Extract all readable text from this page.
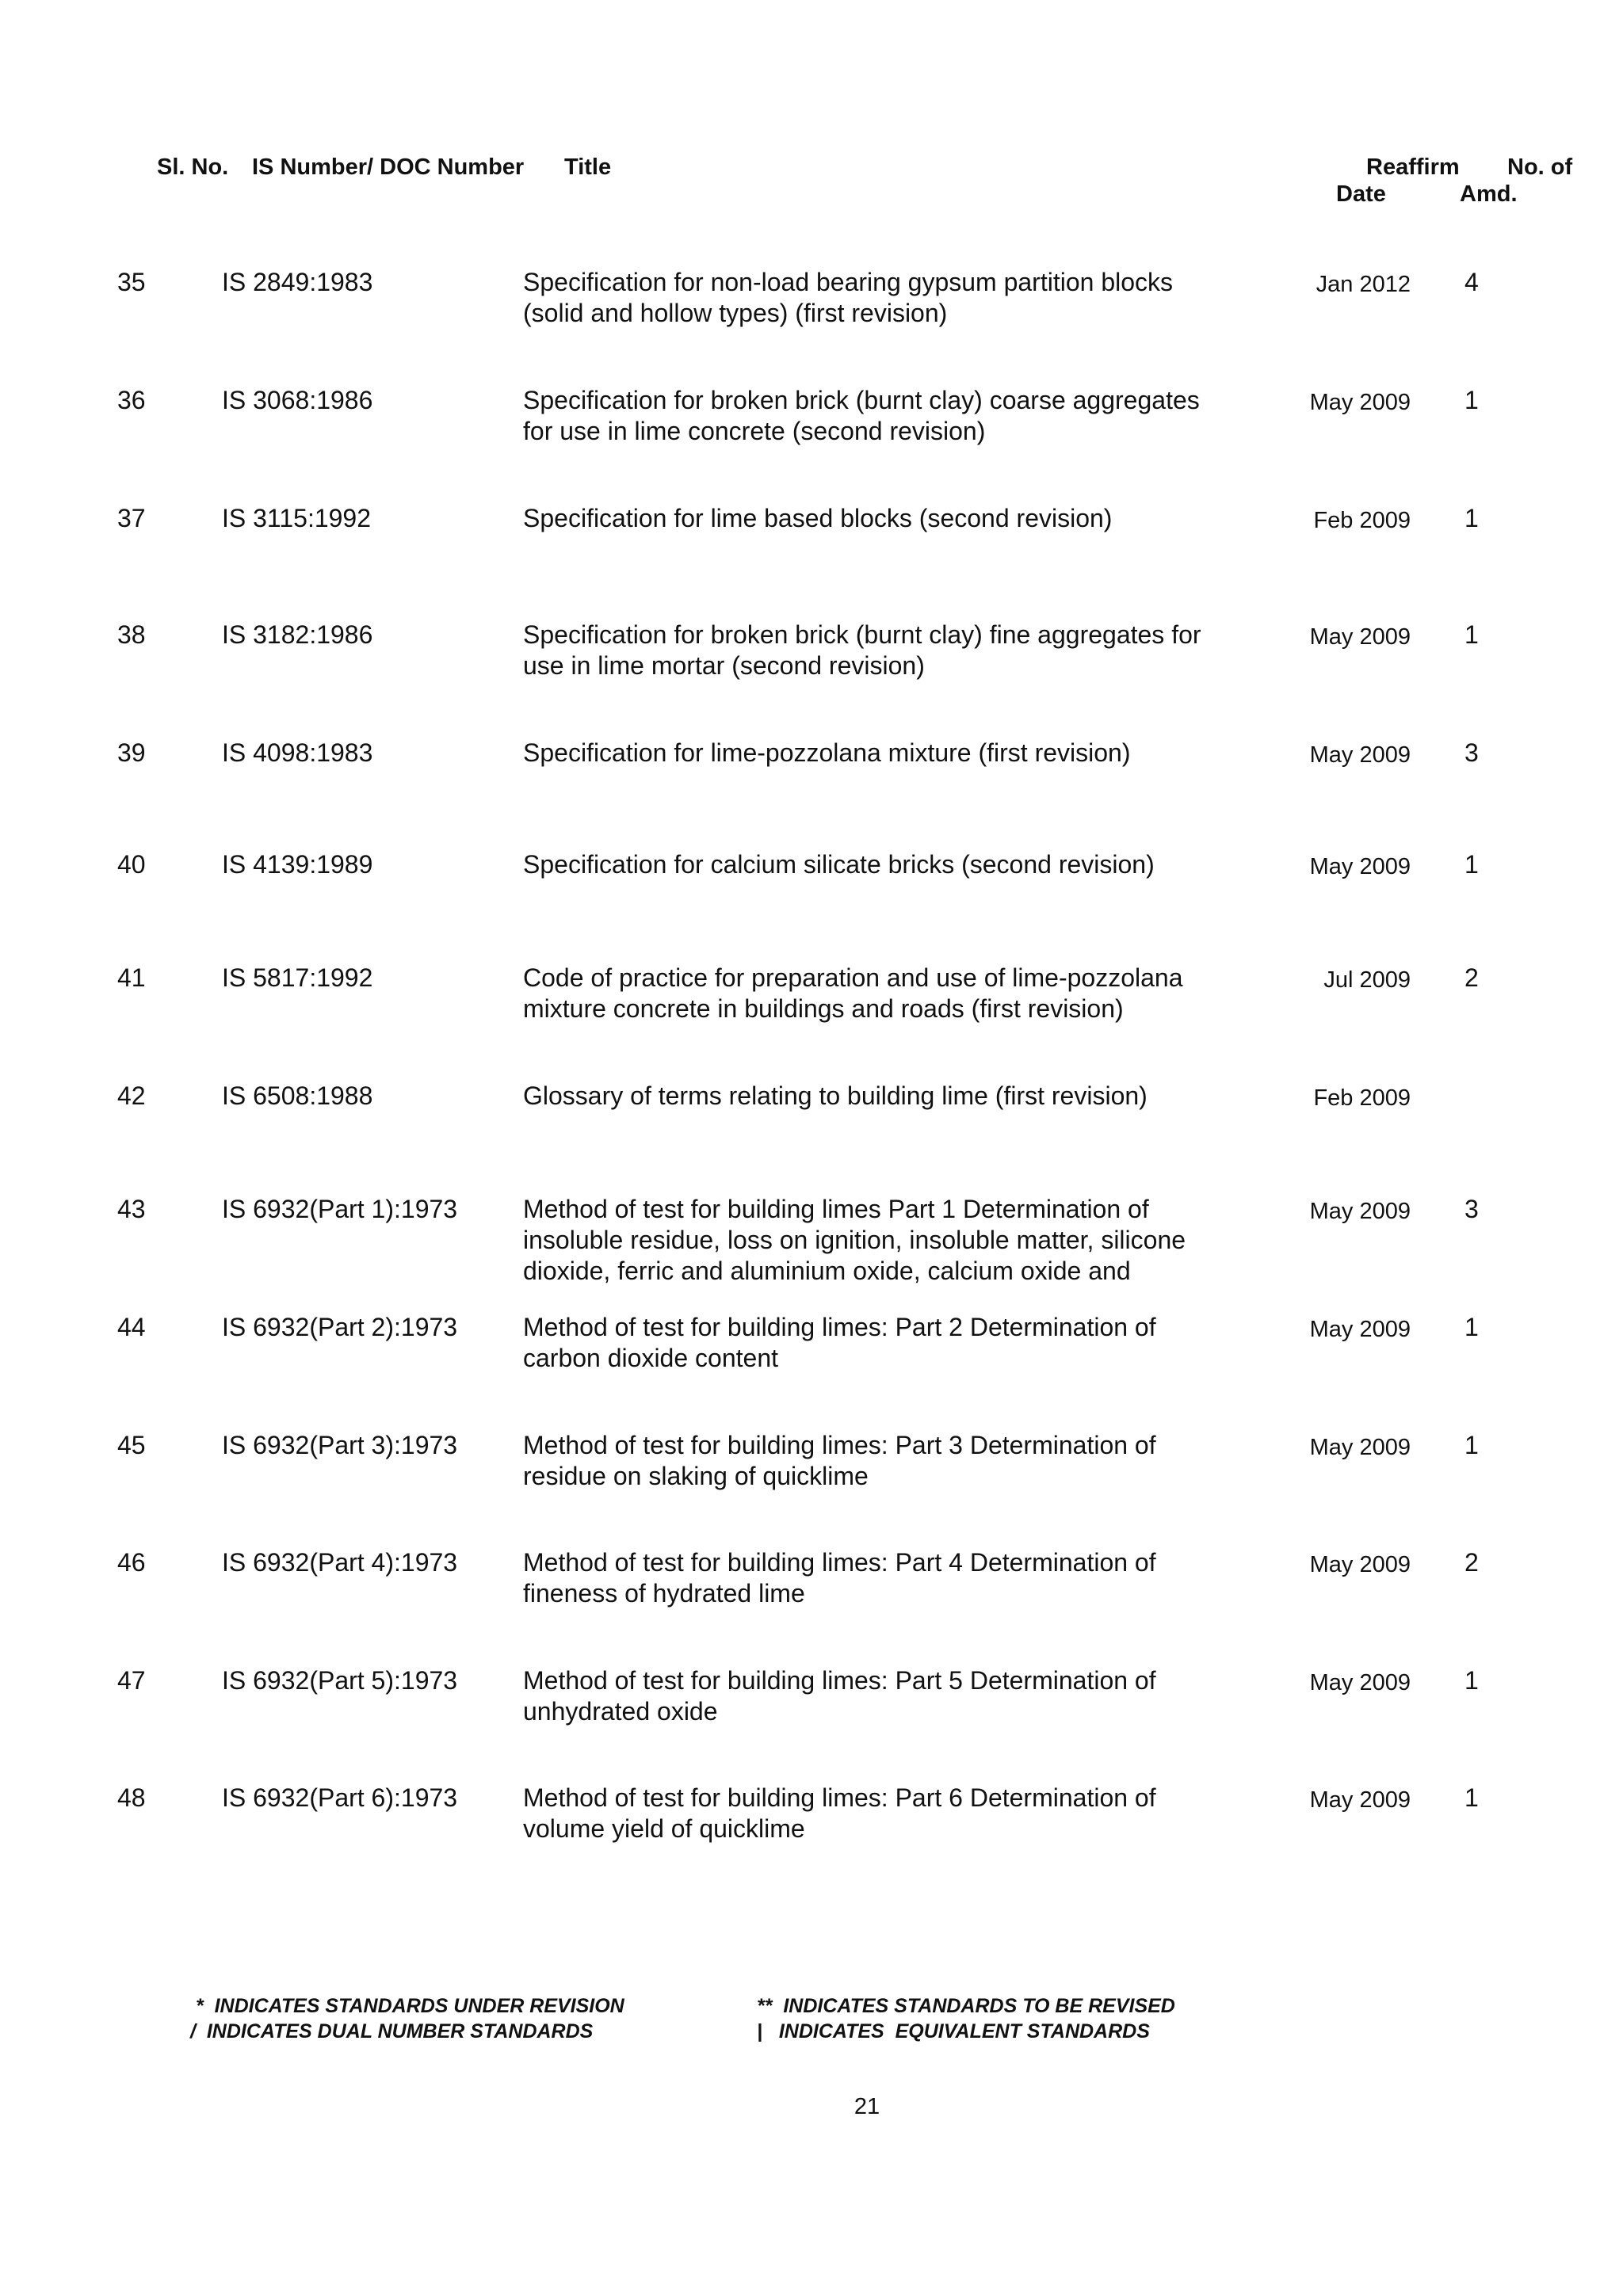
Sl. No. IS Number/ DOC Number Title	Reaffirm No. of
Date	Amd.
35	IS 2849:1983	Specification for non-load bearing gypsum partition blocks
(solid and hollow types) (first revision)
Jan 2012 4
36	IS 3068:1986	Specification for broken brick (burnt clay) coarse aggregates
for use in lime concrete (second revision)
May 2009 1
37	IS 3115:1992	Specification for lime based blocks (second revision)	Feb 2009 1
38	IS 3182:1986	Specification for broken brick (burnt clay) fine aggregates for
use in lime mortar (second revision)
May 2009 1
39	IS 4098:1983	Specification for lime-pozzolana mixture (first revision)	May 2009 3
40	IS 4139:1989	Specification for calcium silicate bricks (second revision)	May 2009 1
41	IS 5817:1992	Code of practice for preparation and use of lime-pozzolana
mixture concrete in buildings and roads (first revision)
Jul 2009 2
42	IS 6508:1988	Glossary of terms relating to building lime (first revision)	Feb 2009
43	IS 6932(Part 1):1973	Method of test for building limes Part 1 Determination of
insoluble residue, loss on ignition, insoluble matter, silicone
dioxide, ferric and aluminium oxide, calcium oxide and
May 2009 3
44	IS 6932(Part 2):1973	Method of test for building limes: Part 2 Determination of
carbon dioxide content
May 2009 1
45	IS 6932(Part 3):1973	Method of test for building limes: Part 3 Determination of
residue on slaking of quicklime
May 2009 1
46	IS 6932(Part 4):1973	Method of test for building limes: Part 4 Determination of
fineness of hydrated lime
May 2009 2
47	IS 6932(Part 5):1973	Method of test for building limes: Part 5 Determination of
unhydrated oxide
May 2009 1
48	IS 6932(Part 6):1973	Method of test for building limes: Part 6 Determination of
volume yield of quicklime
May 2009 1
*  INDICATES STANDARDS UNDER REVISION
/  INDICATES DUAL NUMBER STANDARDS
**  INDICATES STANDARDS TO BE REVISED
|   INDICATES  EQUIVALENT STANDARDS
21
